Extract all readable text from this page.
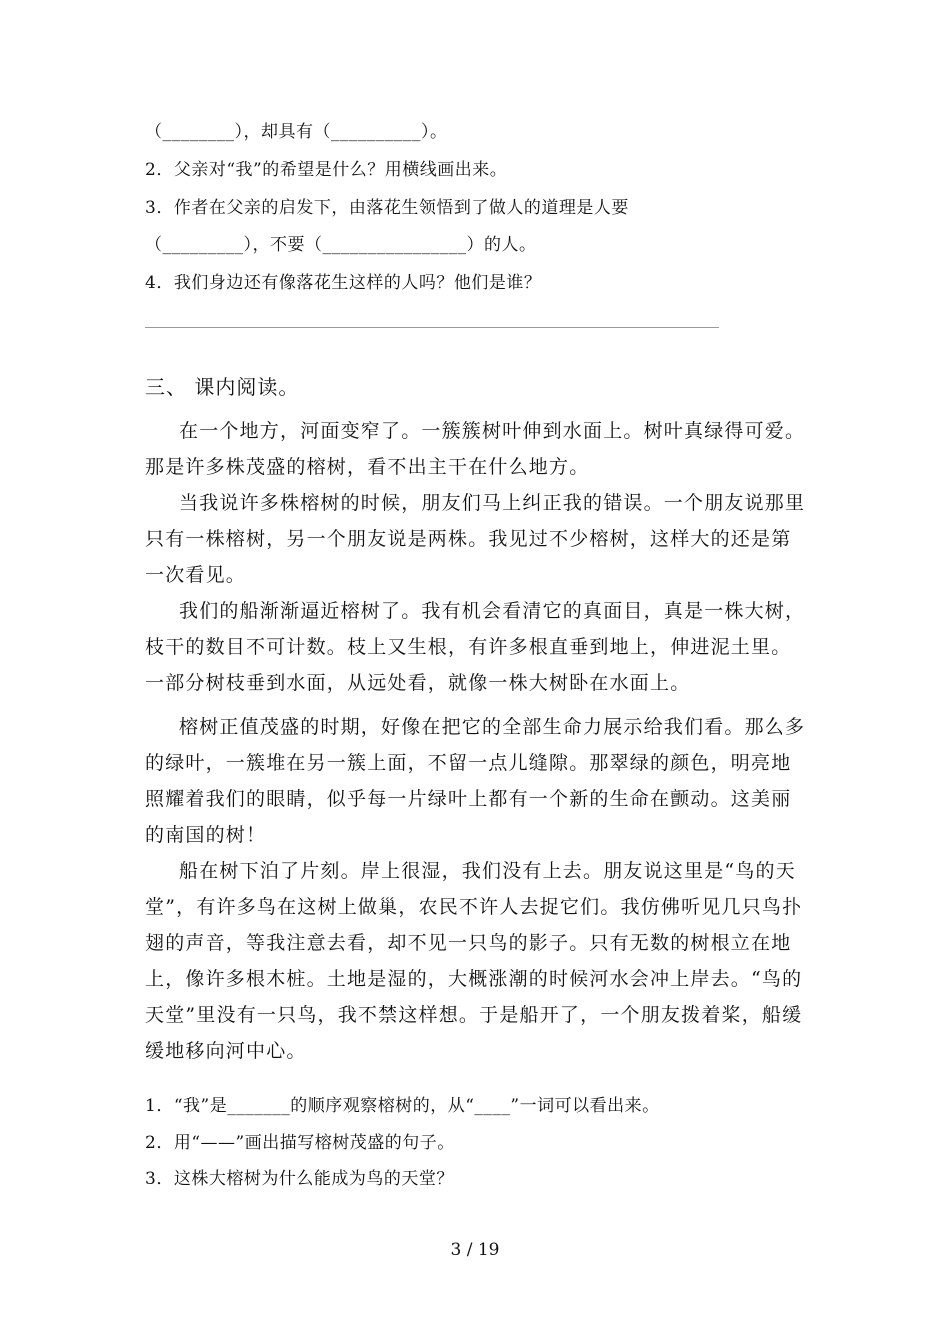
（________），却具有（__________）。
2．父亲对“我”的希望是什么？用横线画出来。
3．作者在父亲的启发下，由落花生领悟到了做人的道理是人要
（_________），不要（________________）的人。
4．我们身边还有像落花生这样的人吗？他们是谁？
三、 课内阅读。
在一个地方，河面变窄了。一簇簇树叶伸到水面上。树叶真绿得可爱。那是许多株茂盛的榕树，看不出主干在什么地方。
当我说许多株榕树的时候，朋友们马上纠正我的错误。一个朋友说那里只有一株榕树，另一个朋友说是两株。我见过不少榕树，这样大的还是第一次看见。
我们的船渐渐逼近榕树了。我有机会看清它的真面目，真是一株大树，枝干的数目不可计数。枝上又生根，有许多根直垂到地上，伸进泥土里。一部分树枝垂到水面，从远处看，就像一株大树卧在水面上。
榕树正值茂盛的时期，好像在把它的全部生命力展示给我们看。那么多的绿叶，一簇堆在另一簇上面，不留一点儿缝隙。那翠绿的颜色，明亮地照耀着我们的眼睛，似乎每一片绿叶上都有一个新的生命在颤动。这美丽的南国的树！
船在树下泊了片刻。岸上很湿，我们没有上去。朋友说这里是“鸟的天堂”，有许多鸟在这树上做巢，农民不许人去捉它们。我仿佛听见几只鸟扑翅的声音，等我注意去看，却不见一只鸟的影子。只有无数的树根立在地上，像许多根木桩。土地是湿的，大概涨潮的时候河水会冲上岸去。“鸟的天堂”里没有一只鸟，我不禁这样想。于是船开了，一个朋友拨着桨，船缓缓地移向河中心。
1．“我”是_______的顺序观察榕树的，从“____”一词可以看出来。
2．用“——”画出描写榕树茂盛的句子。
3．这株大榕树为什么能成为鸟的天堂？
3 / 19
